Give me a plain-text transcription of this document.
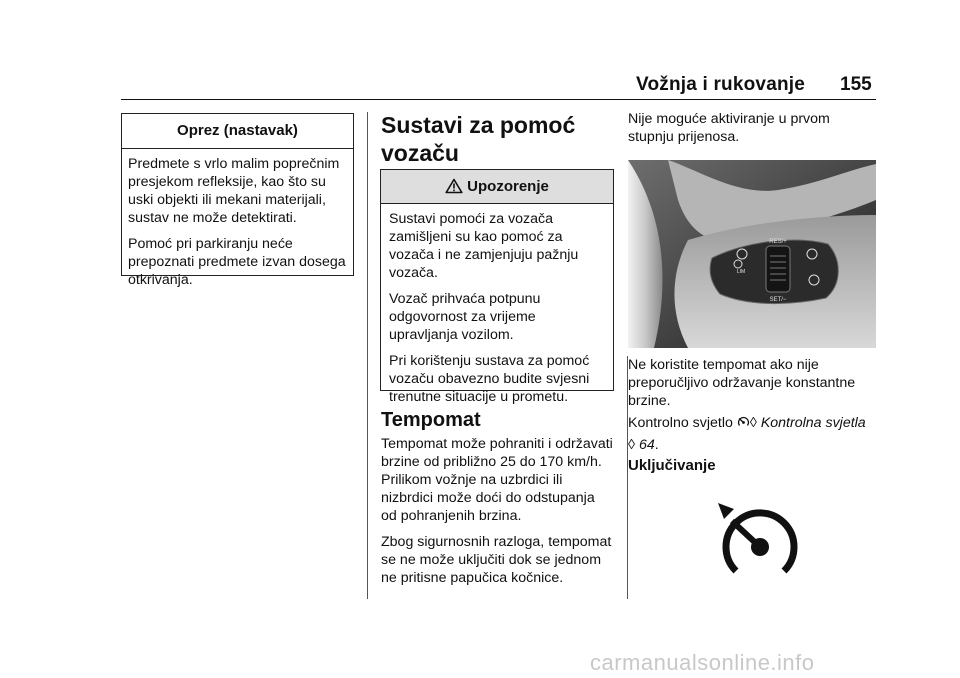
Vožnja i rukovanje 155
Oprez (nastavak)

Predmete s vrlo malim poprečnim presjekom refleksije, kao što su uski objekti ili mekani materijali, sustav ne može detektirati.

Pomoć pri parkiranju neće prepoznati predmete izvan dosega otkrivanja.

Sustavi za pomoć vozaču
Upozorenje

Sustavi pomoći za vozača zamišljeni su kao pomoć za vozača i ne zamjenjuju pažnju vozača.

Vozač prihvaća potpunu odgovornost za vrijeme upravljanja vozilom.

Pri korištenju sustava za pomoć vozaču obavezno budite svjesni trenutne situacije u prometu.

Tempomat

Tempomat može pohraniti i održavati brzine od približno 25 do 170 km/h. Prilikom vožnje na uzbrdici ili nizbrdici može doći do odstupanja od pohranjenih brzina.

Zbog sigurnosnih razloga, tempomat se ne može uključiti dok se jednom ne pritisne papučica kočnice.

Nije moguće aktiviranje u prvom stupnju prijenosa.
RES/+
SET/−
LIM
Ne koristite tempomat ako nije preporučljivo održavanje konstantne brzine.
Kontrolno svjetlo ◊ Kontrolna svjetla ◊ 64.
Uključivanje
carmanualsonline.info
